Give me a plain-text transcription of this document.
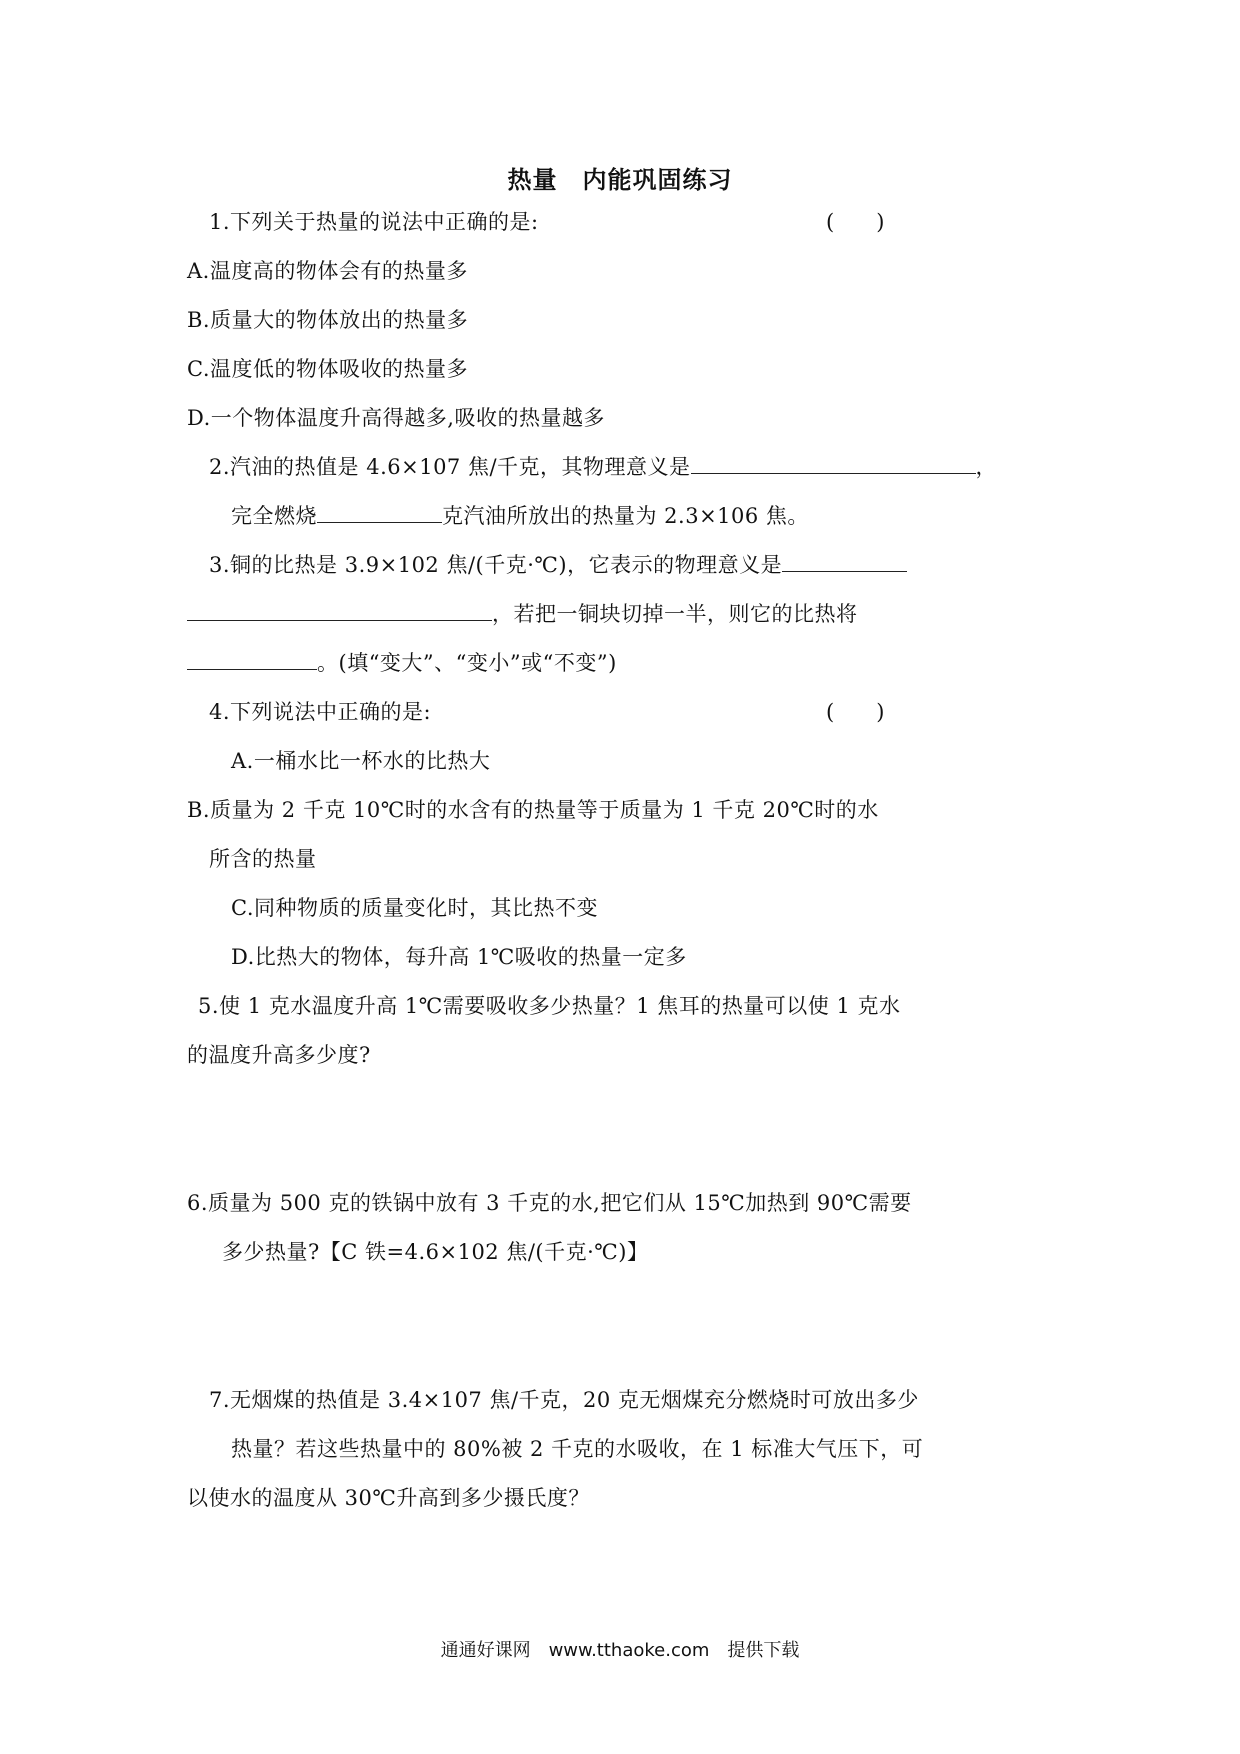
热量　内能巩固练习
1.下列关于热量的说法中正确的是:	(　　)
A.温度高的物体会有的热量多
B.质量大的物体放出的热量多
C.温度低的物体吸收的热量多
D.一个物体温度升高得越多,吸收的热量越多
2.汽油的热值是 4.6×107 焦/千克，其物理意义是	，
完全燃烧	克汽油所放出的热量为 2.3×106 焦。
3.铜的比热是 3.9×102 焦/(千克·℃)，它表示的物理意义是
，若把一铜块切掉一半，则它的比热将
。(填“变大”、“变小”或“不变”)
4.下列说法中正确的是:	(　　)
A.一桶水比一杯水的比热大
B.质量为 2 千克 10℃时的水含有的热量等于质量为 1 千克 20℃时的水
所含的热量
C.同种物质的质量变化时，其比热不变
D.比热大的物体，每升高 1℃吸收的热量一定多
5.使 1 克水温度升高 1℃需要吸收多少热量？1 焦耳的热量可以使 1 克水
的温度升高多少度?
6.质量为 500 克的铁锅中放有 3 千克的水,把它们从 15℃加热到 90℃需要
多少热量?【C 铁=4.6×102 焦/(千克·℃)】
7.无烟煤的热值是 3.4×107 焦/千克，20 克无烟煤充分燃烧时可放出多少
热量？若这些热量中的 80%被 2 千克的水吸收，在 1 标准大气压下，可
以使水的温度从 30℃升高到多少摄氏度？
通通好课网　www.tthaoke.com　提供下载
